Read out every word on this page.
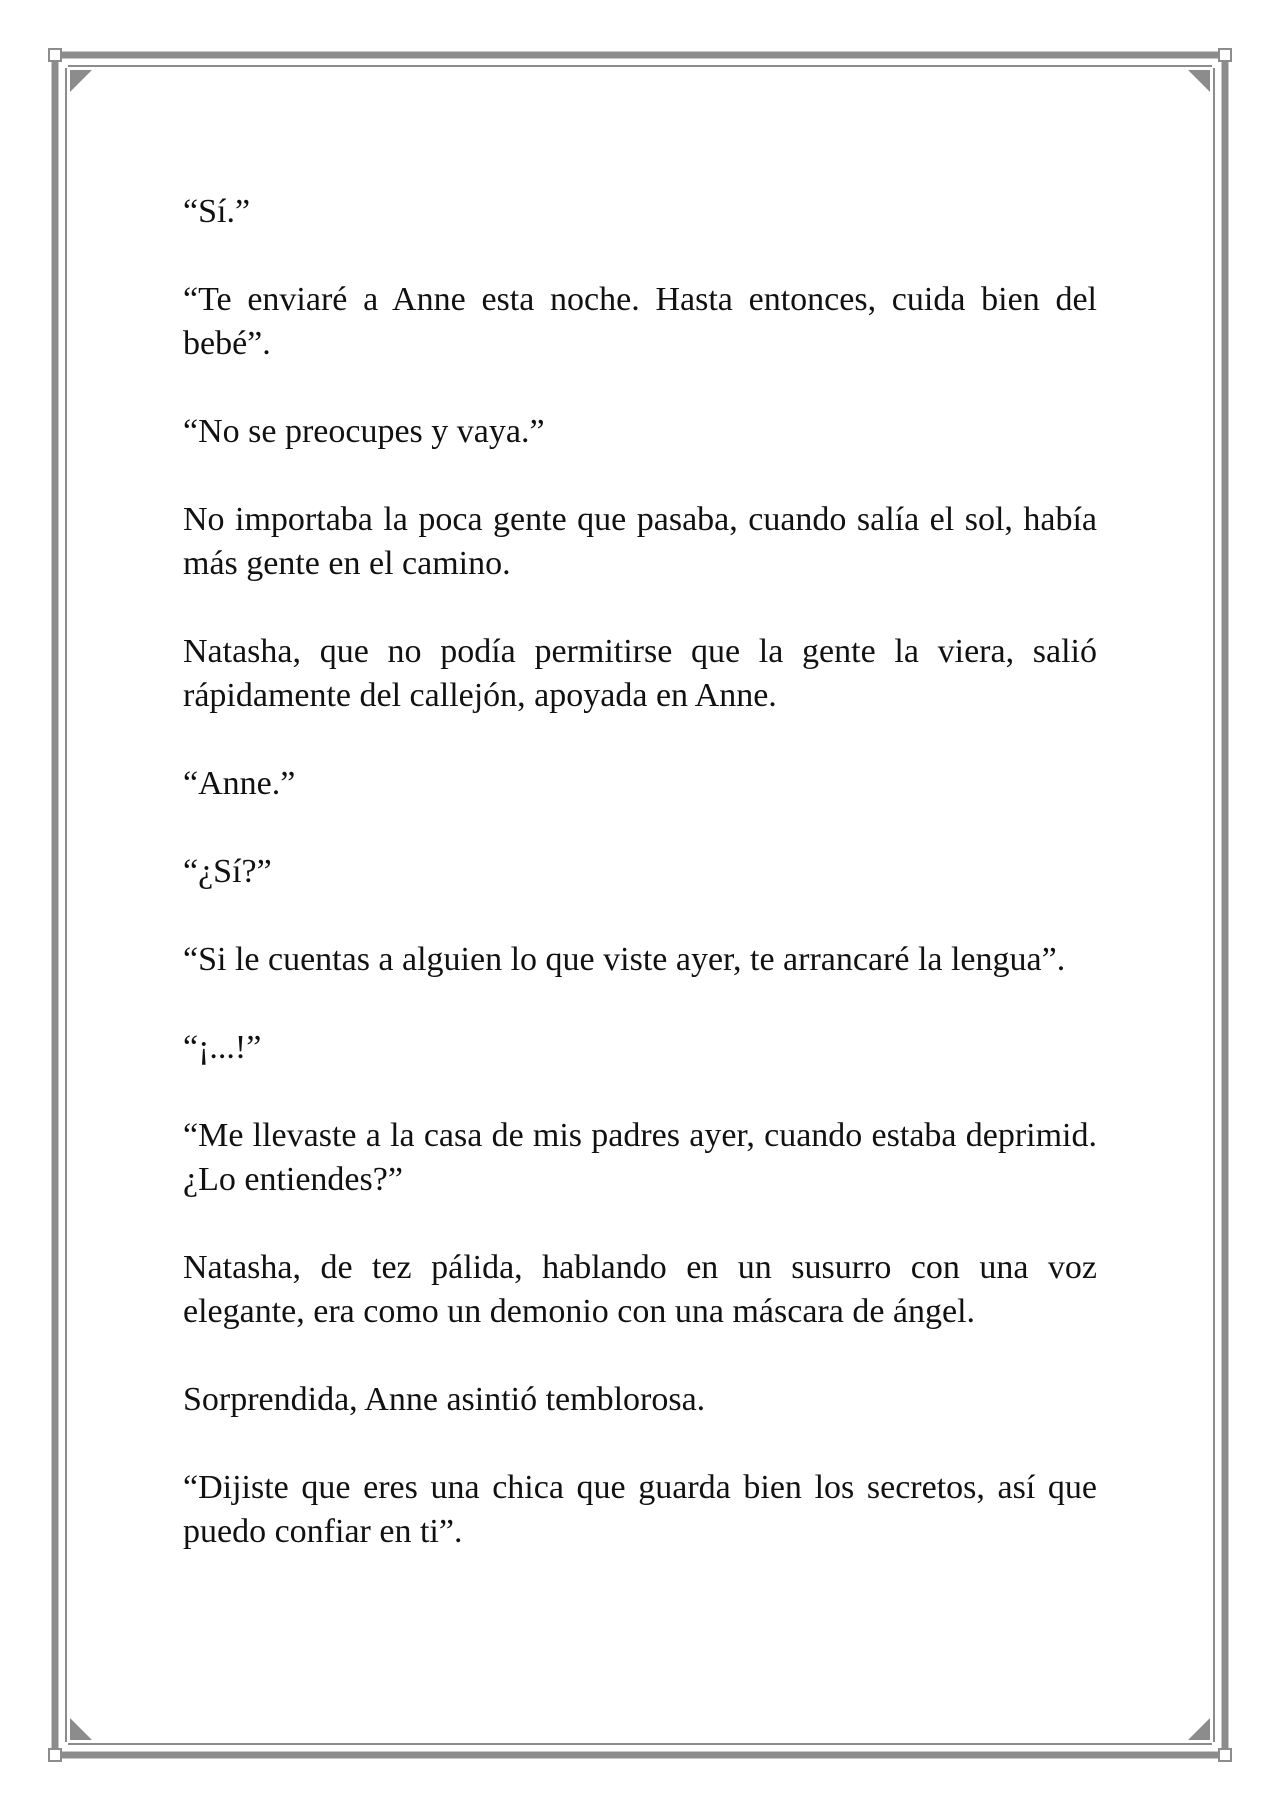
“Sí.”

“Te enviaré a Anne esta noche. Hasta entonces, cuida bien del bebé”.

“No se preocupes y vaya.”

No importaba la poca gente que pasaba, cuando salía el sol, había más gente en el camino.

Natasha, que no podía permitirse que la gente la viera, salió rápidamente del callejón, apoyada en Anne.

“Anne.”

“¿Sí?”

“Si le cuentas a alguien lo que viste ayer, te arrancaré la lengua”.

“¡...!”

“Me llevaste a la casa de mis padres ayer, cuando estaba deprimid. ¿Lo entiendes?”

Natasha, de tez pálida, hablando en un susurro con una voz elegante, era como un demonio con una máscara de ángel.

Sorprendida, Anne asintió temblorosa.

“Dijiste que eres una chica que guarda bien los secretos, así que puedo confiar en ti”.
